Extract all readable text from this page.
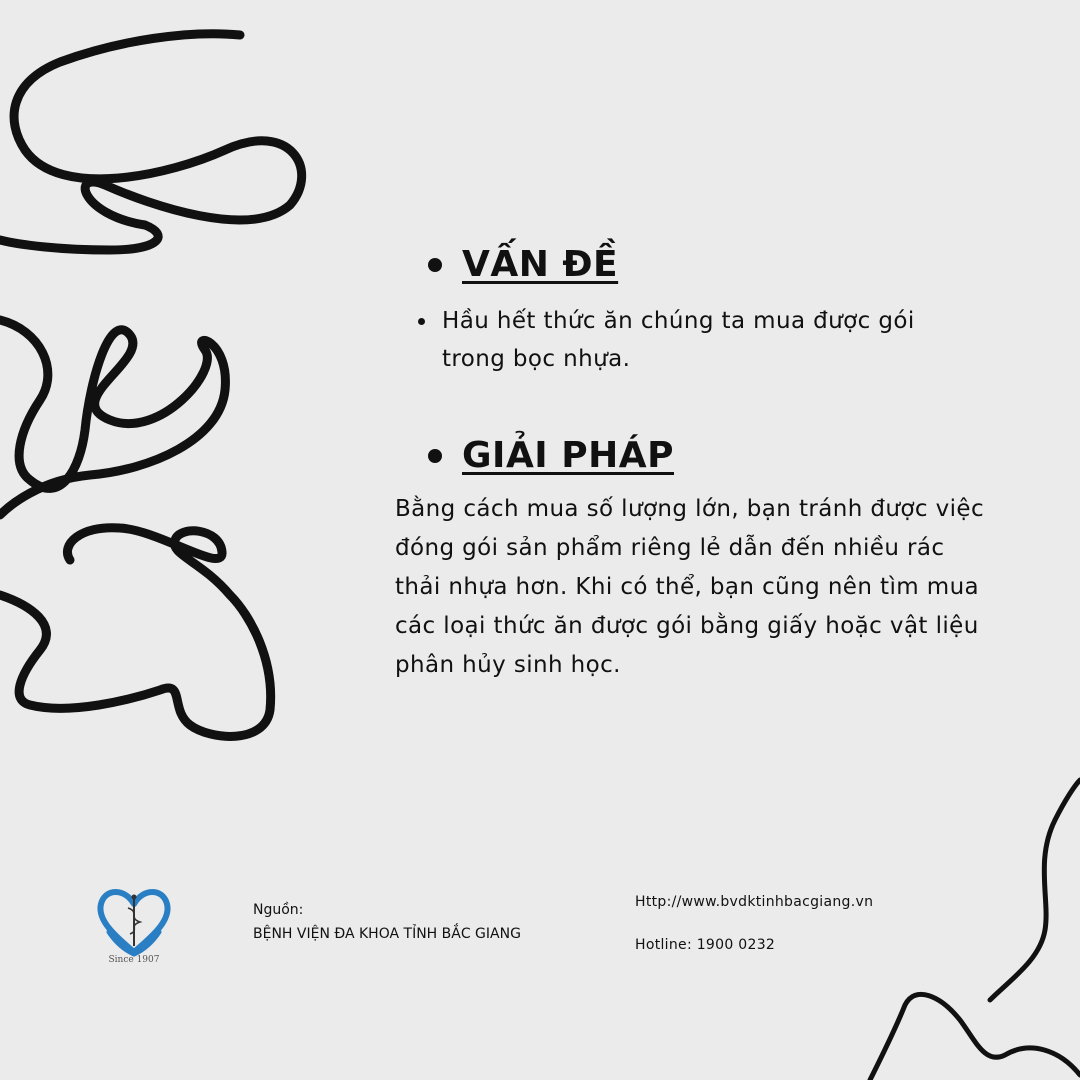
VẤN ĐỀ
Hầu hết thức ăn chúng ta mua được gói trong bọc nhựa.
GIẢI PHÁP
Bằng cách mua số lượng lớn, bạn tránh được việc đóng gói sản phẩm riêng lẻ dẫn đến nhiều rác thải nhựa hơn. Khi có thể, bạn cũng nên tìm mua các loại thức ăn được gói bằng giấy hoặc vật liệu phân hủy sinh học.
Since 1907
Nguồn:
BỆNH VIỆN ĐA KHOA TỈNH BẮC GIANG
Http://www.bvdktinhbacgiang.vn
Hotline: 1900 0232
